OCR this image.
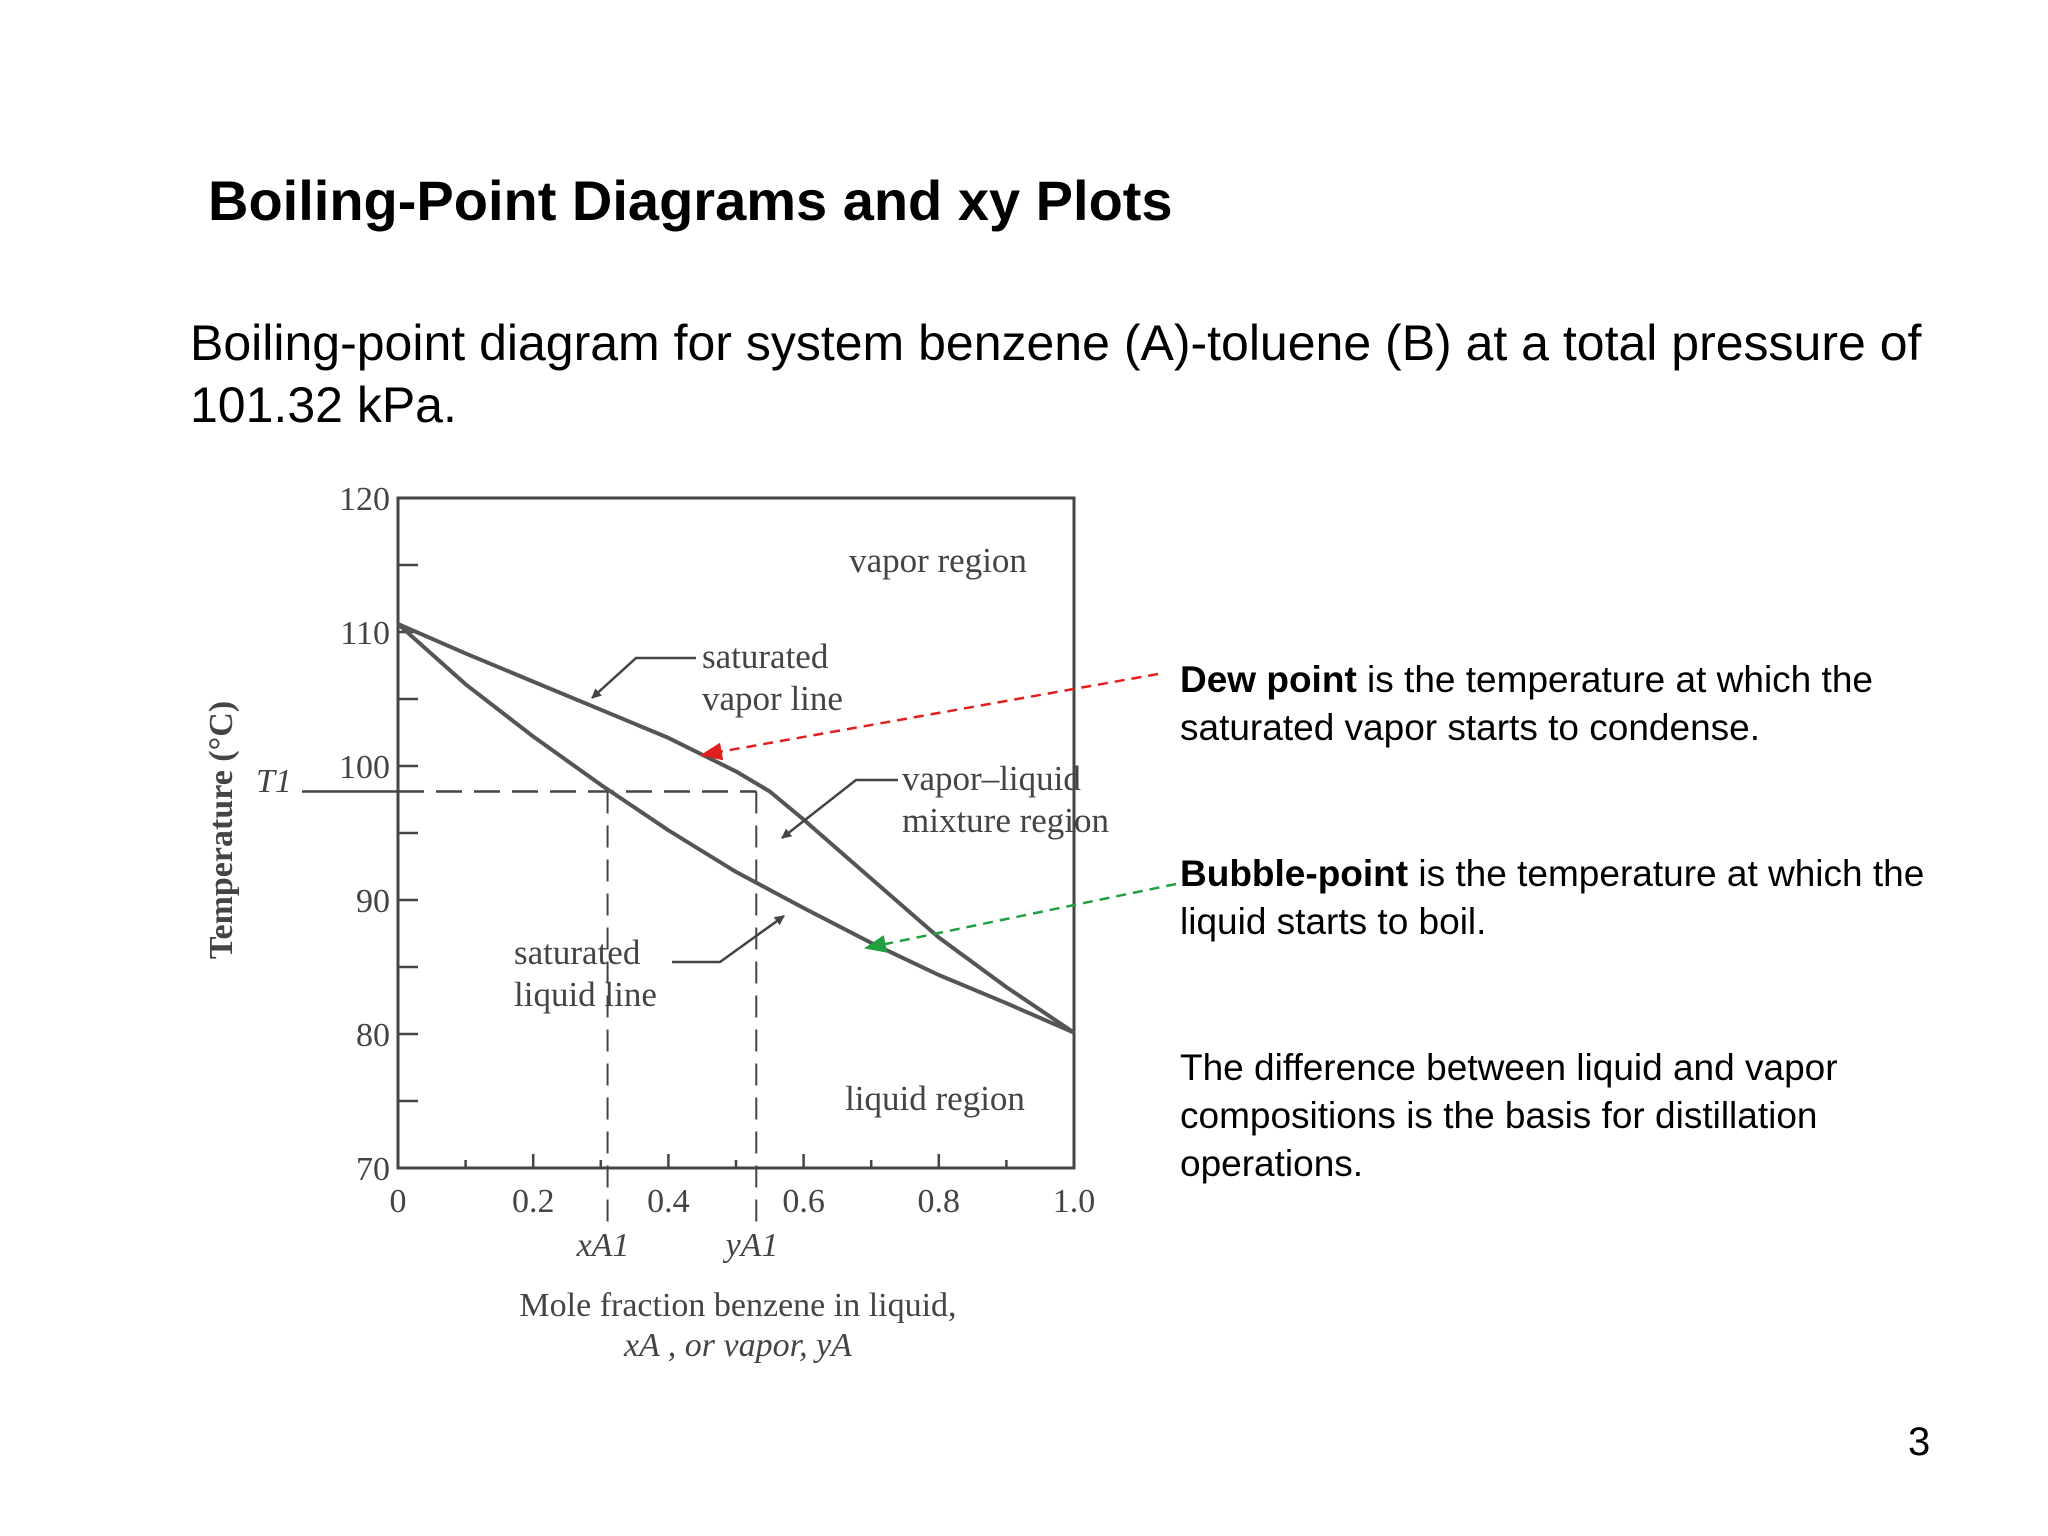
Boiling-Point Diagrams and xy Plots

Boiling-point diagram for system benzene (A)-toluene (B) at a total pressure of 101.32 kPa.

0	0.2	0.4	0.6	0.8	1.0
70
80
90
100
110
120
T1
Temperature (°C)
Mole fraction benzene in liquid,
xA , or vapor, yA
xA1	yA1
vapor region
liquid region
saturated
vapor line
vapor–liquid
mixture region
saturated
liquid line

Dew point is the temperature at which the saturated vapor starts to condense.

Bubble-point is the temperature at which the liquid starts to boil.

The difference between liquid and vapor compositions is the basis for distillation operations.

3
